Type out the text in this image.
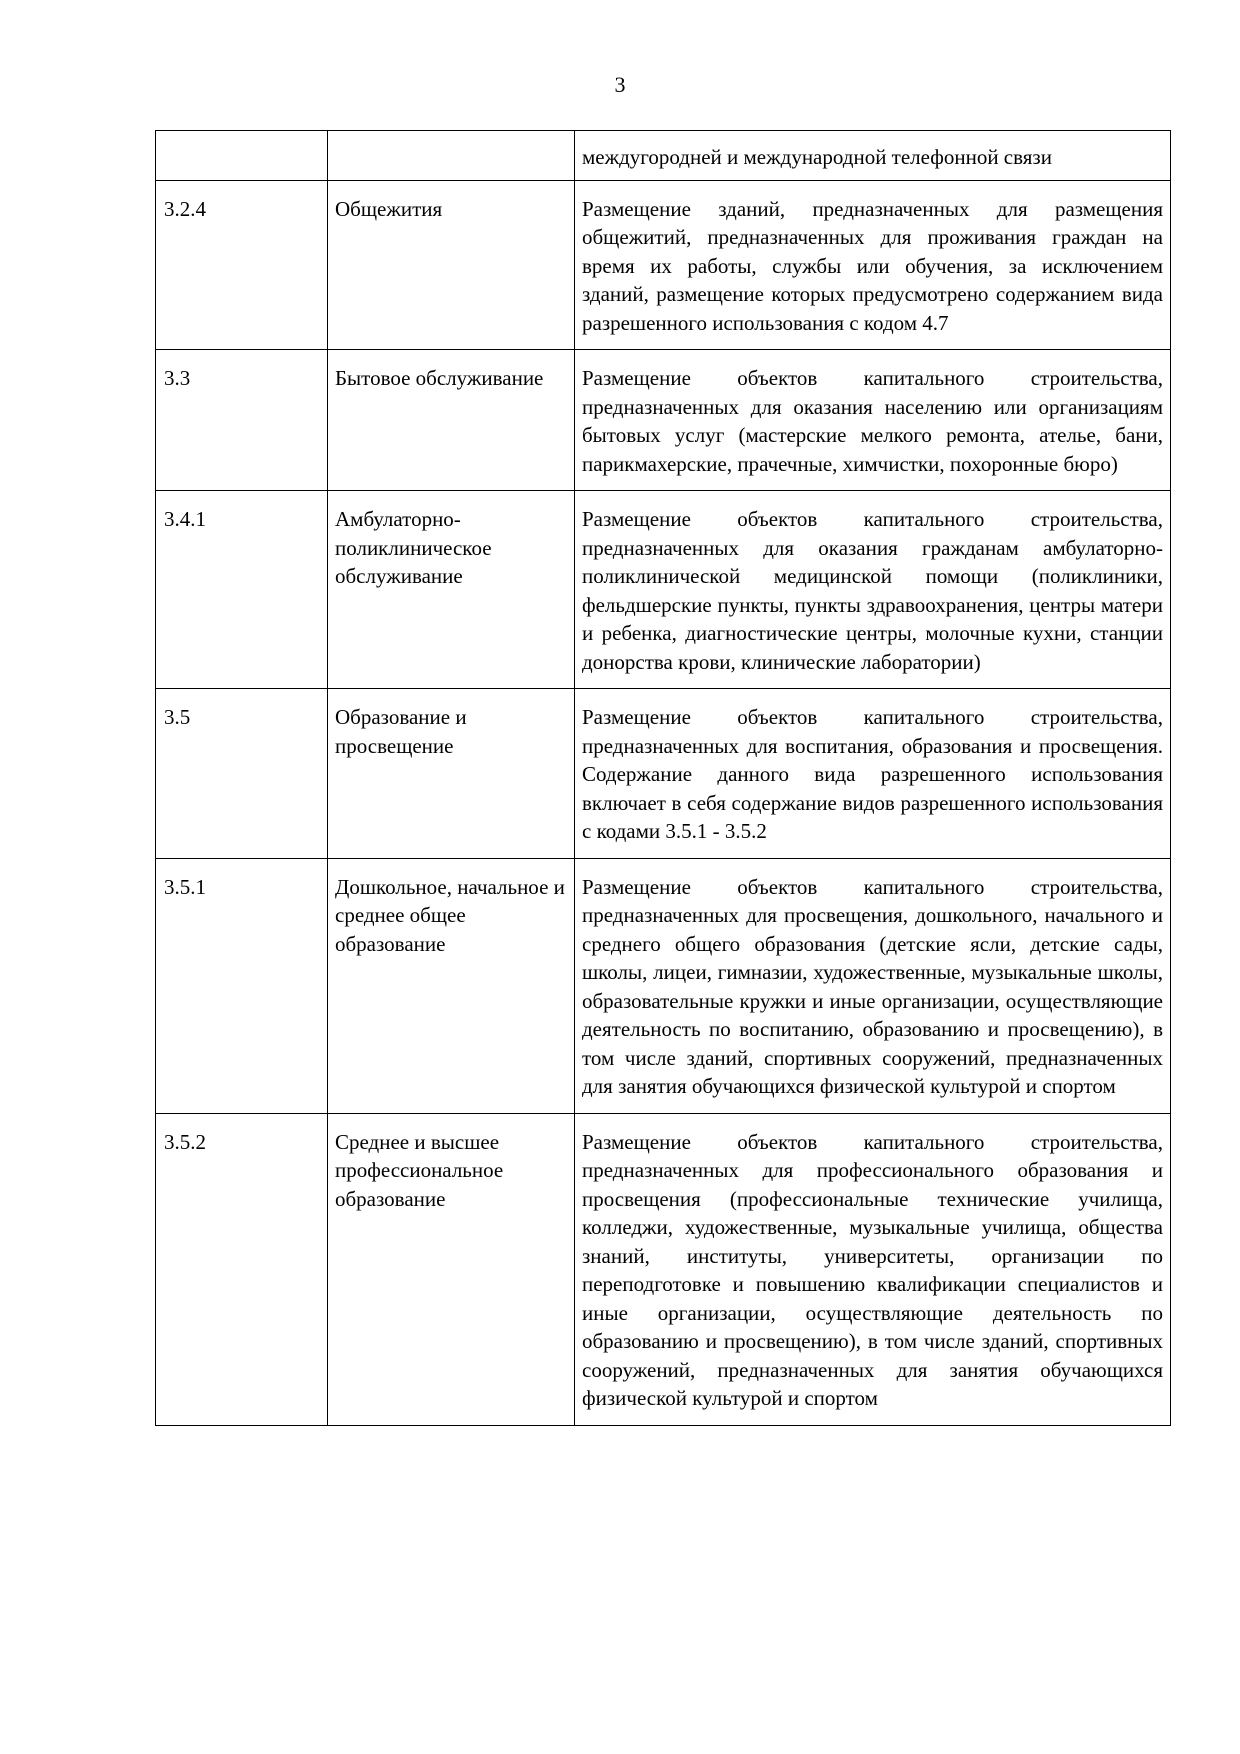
3
		междугородней и международной телефонной связи
3.2.4	Общежития	Размещение зданий, предназначенных для размещения общежитий, предназначенных для проживания граждан на время их работы, службы или обучения, за исключением зданий, размещение которых предусмотрено содержанием вида разрешенного использования с кодом 4.7
3.3	Бытовое обслуживание	Размещение объектов капитального строительства, предназначенных для оказания населению или организациям бытовых услуг (мастерские мелкого ремонта, ателье, бани, парикмахерские, прачечные, химчистки, похоронные бюро)
3.4.1	Амбулаторно-поликлиническое обслуживание	Размещение объектов капитального строительства, предназначенных для оказания гражданам амбулаторно-поликлинической медицинской помощи (поликлиники, фельдшерские пункты, пункты здравоохранения, центры матери и ребенка, диагностические центры, молочные кухни, станции донорства крови, клинические лаборатории)
3.5	Образование и просвещение	Размещение объектов капитального строительства, предназначенных для воспитания, образования и просвещения. Содержание данного вида разрешенного использования включает в себя содержание видов разрешенного использования с кодами 3.5.1 - 3.5.2
3.5.1	Дошкольное, начальное и среднее общее образование	Размещение объектов капитального строительства, предназначенных для просвещения, дошкольного, начального и среднего общего образования (детские ясли, детские сады, школы, лицеи, гимназии, художественные, музыкальные школы, образовательные кружки и иные организации, осуществляющие деятельность по воспитанию, образованию и просвещению), в том числе зданий, спортивных сооружений, предназначенных для занятия обучающихся физической культурой и спортом
3.5.2	Среднее и высшее профессиональное образование	Размещение объектов капитального строительства, предназначенных для профессионального образования и просвещения (профессиональные технические училища, колледжи, художественные, музыкальные училища, общества знаний, институты, университеты, организации по переподготовке и повышению квалификации специалистов и иные организации, осуществляющие деятельность по образованию и просвещению), в том числе зданий, спортивных сооружений, предназначенных для занятия обучающихся физической культурой и спортом
